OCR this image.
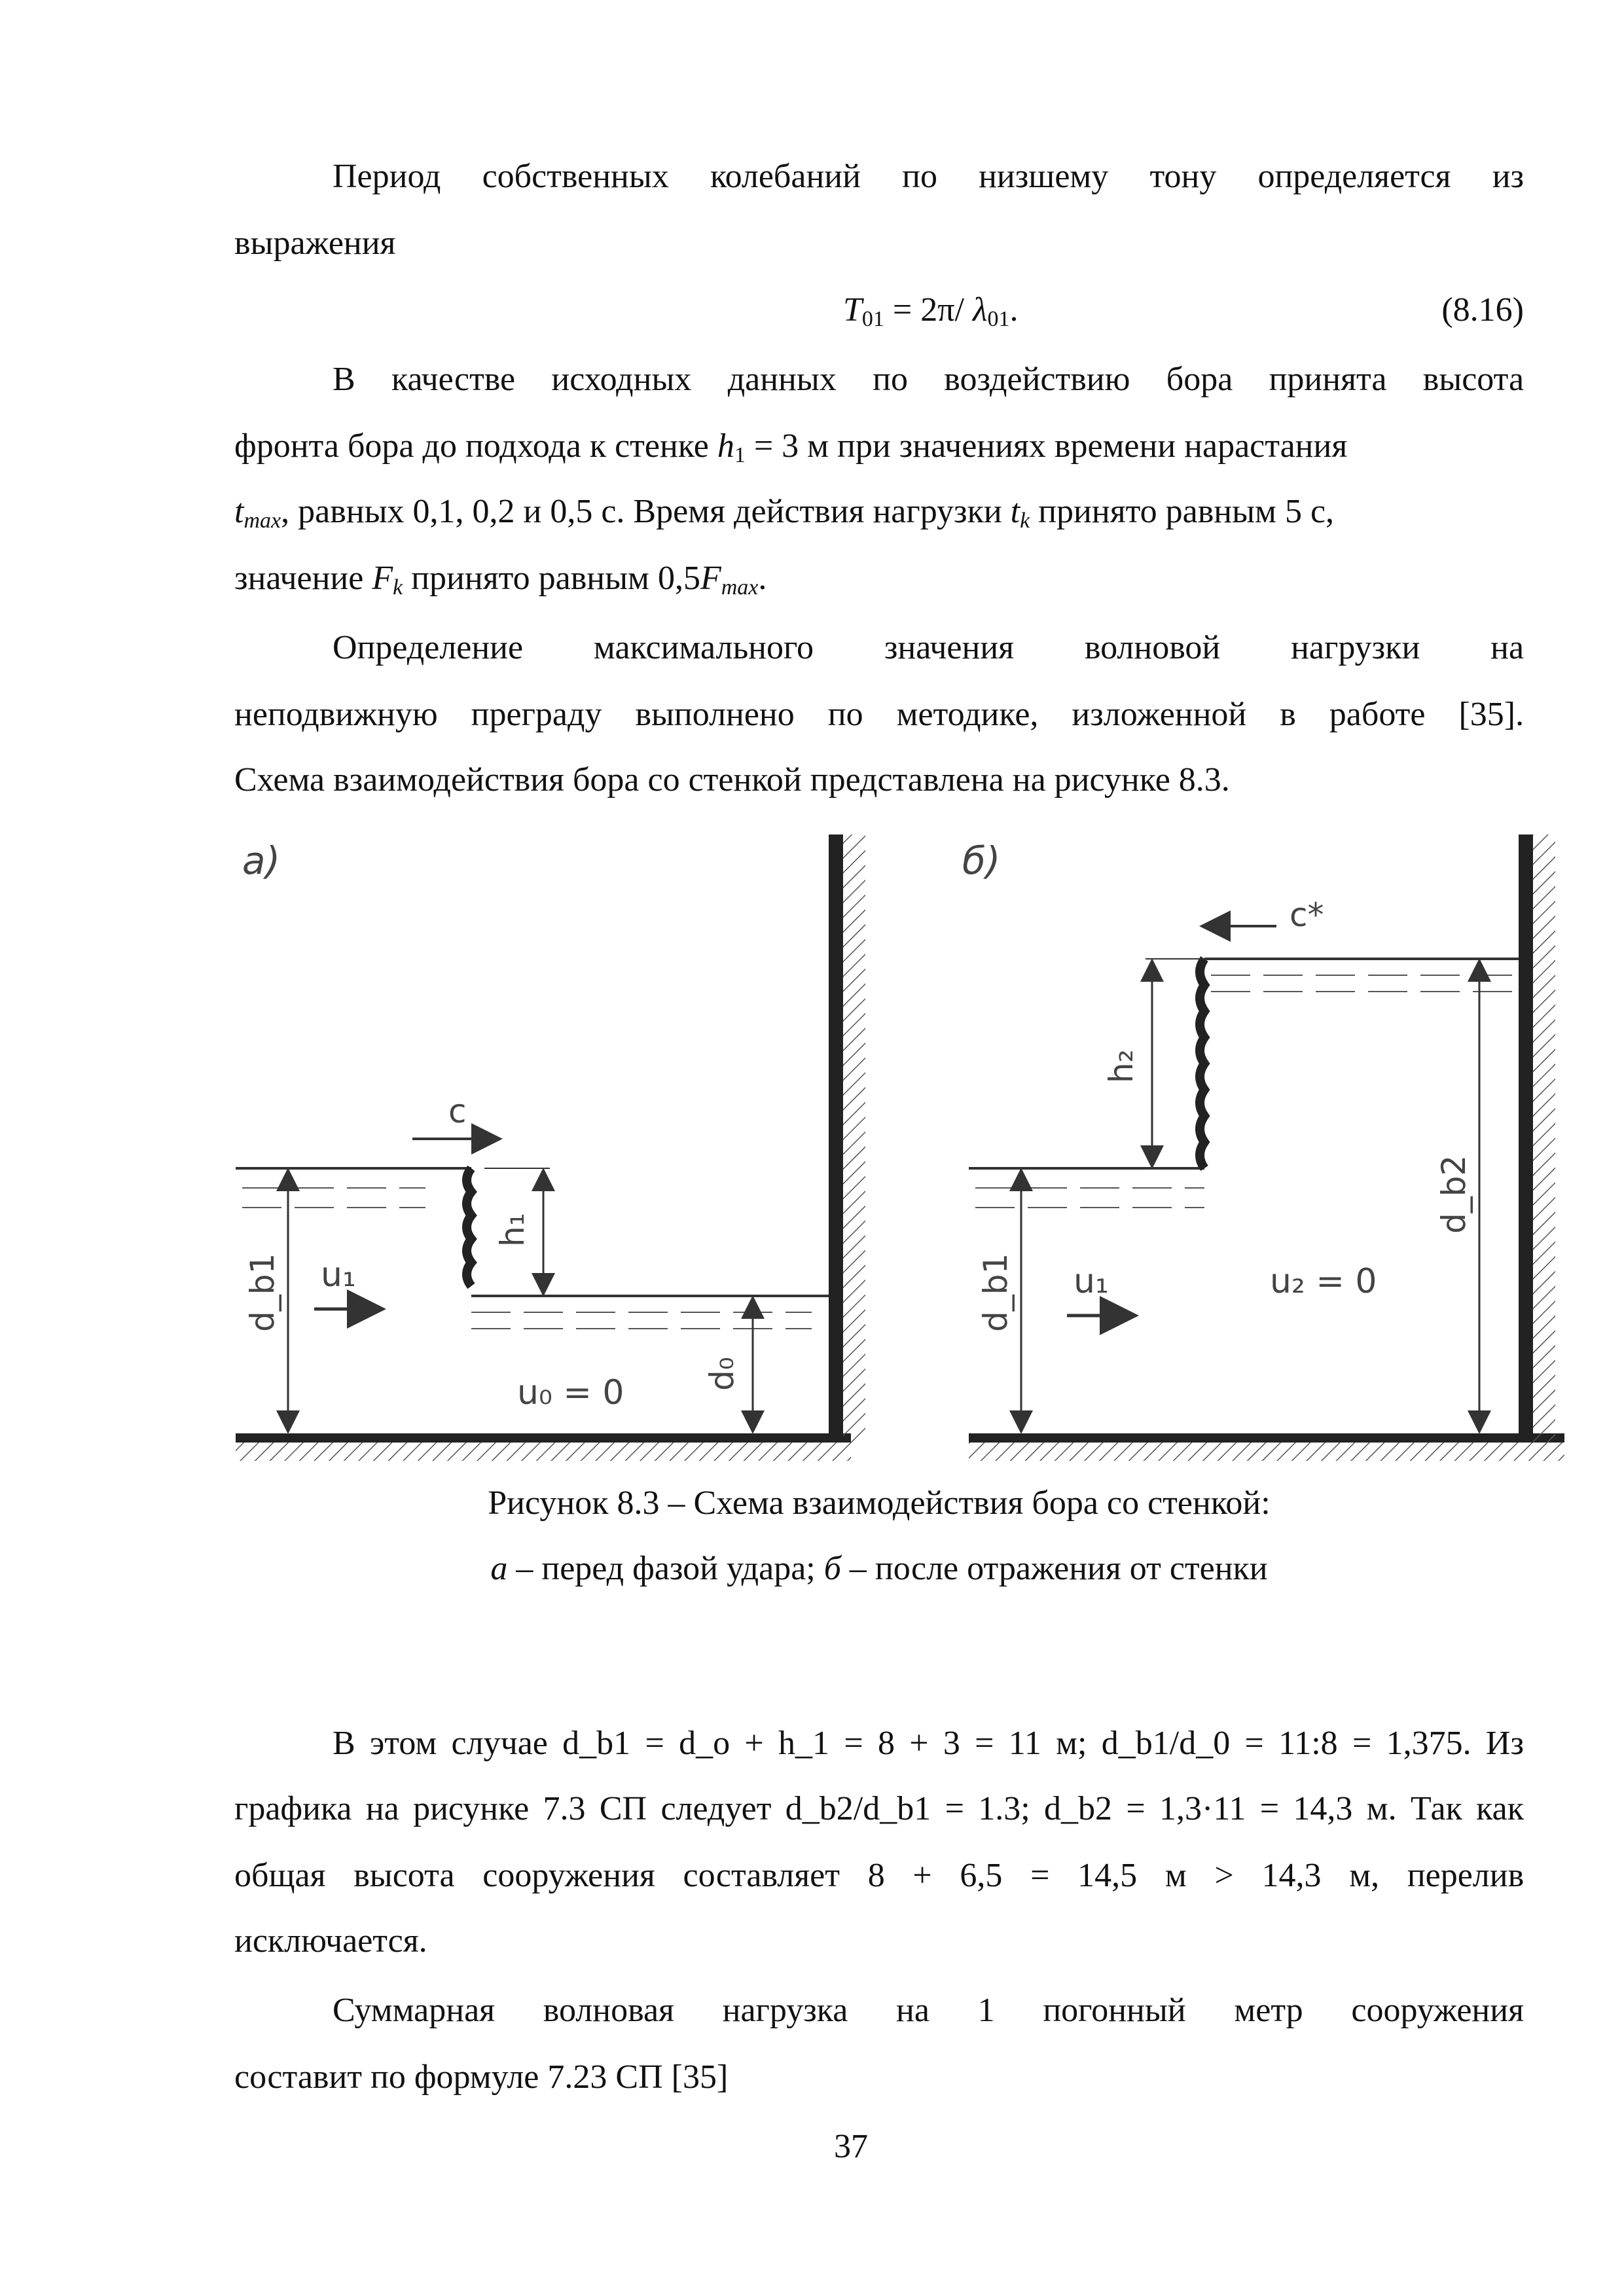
Период собственных колебаний по низшему тону определяется из
выражения
$T_{01} = 2\pi/$ $\lambda_{01}$.	(8.16)
В качестве исходных данных по воздействию бора принята высота
фронта бора до подхода к стенке $h_1 = 3$ м при значениях времени нарастания
$t_{max}$, равных 0,1, 0,2 и 0,5 с. Время действия нагрузки $t_k$ принято равным 5 с,
значение $F_k$ принято равным $0,5F_{max}$.
Определение максимального значения волновой нагрузки на
неподвижную преграду выполнено по методике, изложенной в работе [35].
Схема взаимодействия бора со стенкой представлена на рисунке 8.3.
а)
c
h₁
d_b1 u₁
u₀ = 0 d₀
б)
c*
h₂
d_b1 u₁	u₂ = 0
d_b2
Рисунок 8.3 – Схема взаимодействия бора со стенкой:
а – перед фазой удара; б – после отражения от стенки
В этом случае d_b1 = d_o + h_1 = 8 + 3 = 11 м; d_b1/d_0 = 11:8 = 1,375. Из
графика на рисунке 7.3 СП следует d_b2/d_b1 = 1.3; d_b2 = 1,3·11 = 14,3 м. Так как
общая высота сооружения составляет 8 + 6,5 = 14,5 м > 14,3 м, перелив
исключается.
Суммарная волновая нагрузка на 1 погонный метр сооружения
составит по формуле 7.23 СП [35]
37
